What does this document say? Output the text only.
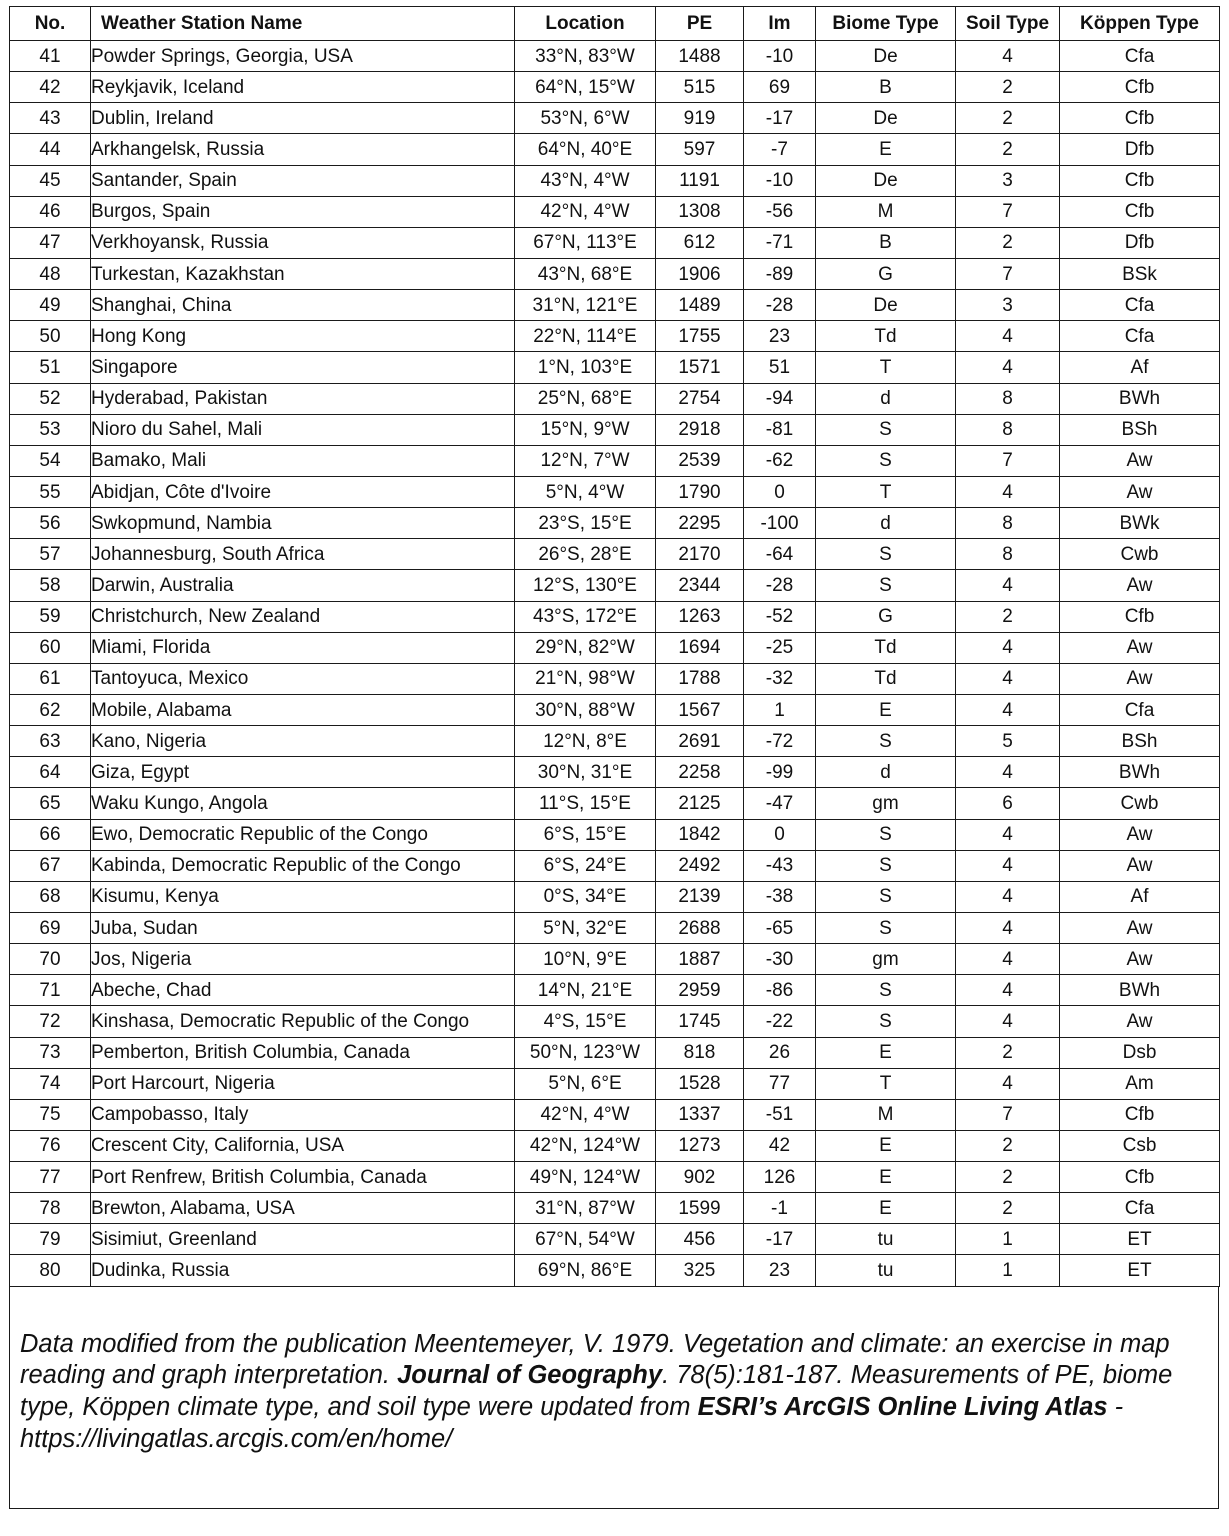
No.	Weather Station Name	Location	PE	Im	Biome Type	Soil Type	Köppen Type
41	Powder Springs, Georgia, USA	33°N, 83°W	1488	-10	De	4	Cfa
42	Reykjavik, Iceland	64°N, 15°W	515	69	B	2	Cfb
43	Dublin, Ireland	53°N, 6°W	919	-17	De	2	Cfb
44	Arkhangelsk, Russia	64°N, 40°E	597	-7	E	2	Dfb
45	Santander, Spain	43°N, 4°W	1191	-10	De	3	Cfb
46	Burgos, Spain	42°N, 4°W	1308	-56	M	7	Cfb
47	Verkhoyansk, Russia	67°N, 113°E	612	-71	B	2	Dfb
48	Turkestan, Kazakhstan	43°N, 68°E	1906	-89	G	7	BSk
49	Shanghai, China	31°N, 121°E	1489	-28	De	3	Cfa
50	Hong Kong	22°N, 114°E	1755	23	Td	4	Cfa
51	Singapore	1°N, 103°E	1571	51	T	4	Af
52	Hyderabad, Pakistan	25°N, 68°E	2754	-94	d	8	BWh
53	Nioro du Sahel, Mali	15°N, 9°W	2918	-81	S	8	BSh
54	Bamako, Mali	12°N, 7°W	2539	-62	S	7	Aw
55	Abidjan, Côte d'Ivoire	5°N, 4°W	1790	0	T	4	Aw
56	Swkopmund, Nambia	23°S, 15°E	2295	-100	d	8	BWk
57	Johannesburg, South Africa	26°S, 28°E	2170	-64	S	8	Cwb
58	Darwin, Australia	12°S, 130°E	2344	-28	S	4	Aw
59	Christchurch, New Zealand	43°S, 172°E	1263	-52	G	2	Cfb
60	Miami, Florida	29°N, 82°W	1694	-25	Td	4	Aw
61	Tantoyuca, Mexico	21°N, 98°W	1788	-32	Td	4	Aw
62	Mobile, Alabama	30°N, 88°W	1567	1	E	4	Cfa
63	Kano, Nigeria	12°N, 8°E	2691	-72	S	5	BSh
64	Giza, Egypt	30°N, 31°E	2258	-99	d	4	BWh
65	Waku Kungo, Angola	11°S, 15°E	2125	-47	gm	6	Cwb
66	Ewo, Democratic Republic of the Congo	6°S, 15°E	1842	0	S	4	Aw
67	Kabinda, Democratic Republic of the Congo	6°S, 24°E	2492	-43	S	4	Aw
68	Kisumu, Kenya	0°S, 34°E	2139	-38	S	4	Af
69	Juba, Sudan	5°N, 32°E	2688	-65	S	4	Aw
70	Jos, Nigeria	10°N, 9°E	1887	-30	gm	4	Aw
71	Abeche, Chad	14°N, 21°E	2959	-86	S	4	BWh
72	Kinshasa, Democratic Republic of the Congo	4°S, 15°E	1745	-22	S	4	Aw
73	Pemberton, British Columbia, Canada	50°N, 123°W	818	26	E	2	Dsb
74	Port Harcourt, Nigeria	5°N, 6°E	1528	77	T	4	Am
75	Campobasso, Italy	42°N, 4°W	1337	-51	M	7	Cfb
76	Crescent City, California, USA	42°N, 124°W	1273	42	E	2	Csb
77	Port Renfrew, British Columbia, Canada	49°N, 124°W	902	126	E	2	Cfb
78	Brewton, Alabama, USA	31°N, 87°W	1599	-1	E	2	Cfa
79	Sisimiut, Greenland	67°N, 54°W	456	-17	tu	1	ET
80	Dudinka, Russia	69°N, 86°E	325	23	tu	1	ET
Data modified from the publication Meentemeyer, V. 1979. Vegetation and climate: an exercise in map reading and graph interpretation. Journal of Geography. 78(5):181-187. Measurements of PE, biome type, Köppen climate type, and soil type were updated from ESRI’s ArcGIS Online Living Atlas - https://livingatlas.arcgis.com/en/home/
